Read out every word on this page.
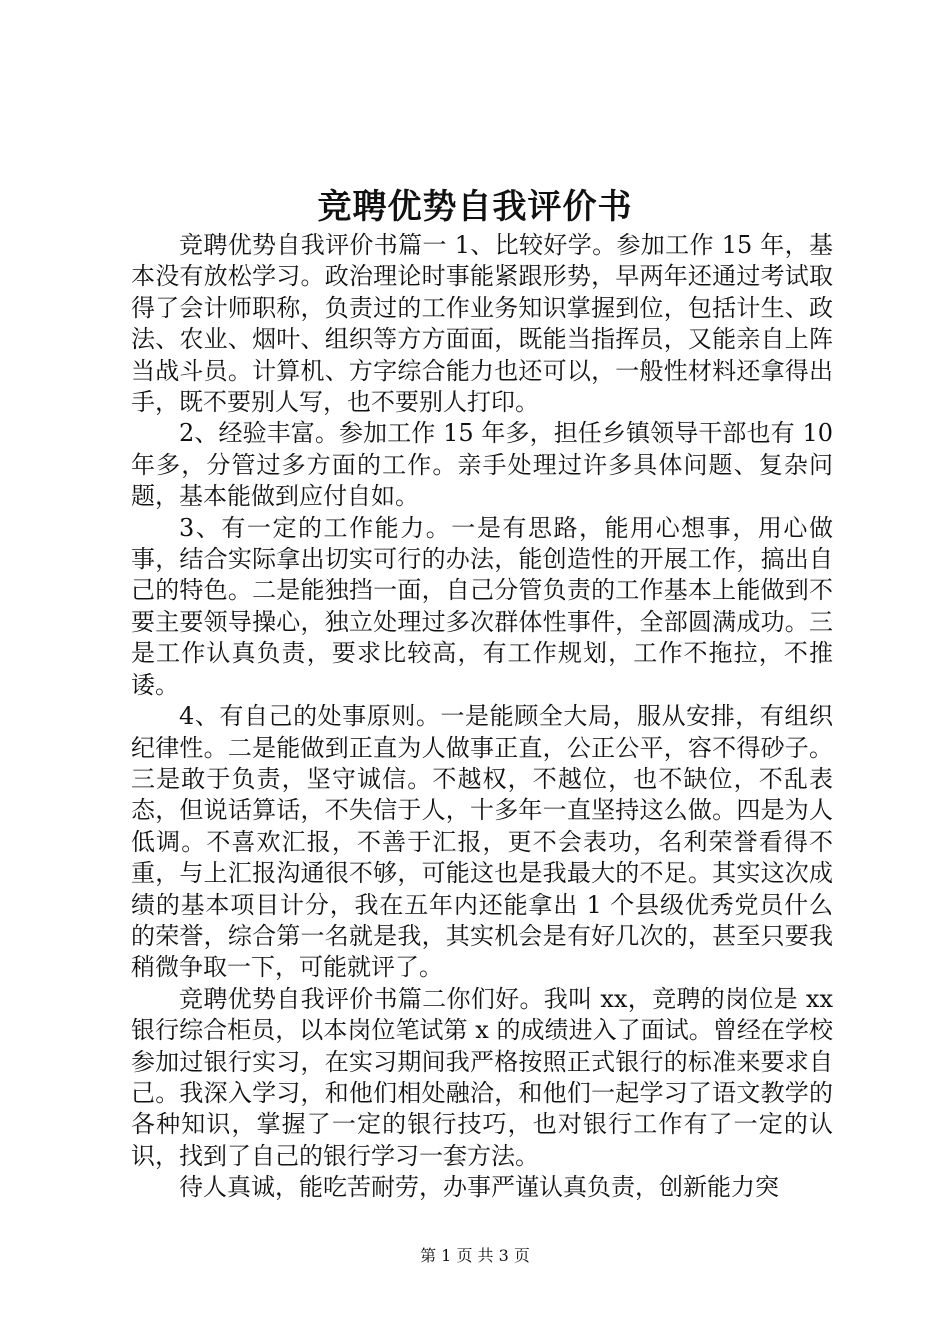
竞聘优势自我评价书

竞聘优势自我评价书篇一 1、比较好学。参加工作 15 年，基本没有放松学习。政治理论时事能紧跟形势，早两年还通过考试取得了会计师职称，负责过的工作业务知识掌握到位，包括计生、政法、农业、烟叶、组织等方方面面，既能当指挥员，又能亲自上阵当战斗员。计算机、方字综合能力也还可以，一般性材料还拿得出手，既不要别人写，也不要别人打印。

2、经验丰富。参加工作 15 年多，担任乡镇领导干部也有 10 年多，分管过多方面的工作。亲手处理过许多具体问题、复杂问题，基本能做到应付自如。

3、有一定的工作能力。一是有思路，能用心想事，用心做事，结合实际拿出切实可行的办法，能创造性的开展工作，搞出自己的特色。二是能独挡一面，自己分管负责的工作基本上能做到不要主要领导操心，独立处理过多次群体性事件，全部圆满成功。三是工作认真负责，要求比较高，有工作规划，工作不拖拉，不推诿。

4、有自己的处事原则。一是能顾全大局，服从安排，有组织纪律性。二是能做到正直为人做事正直，公正公平，容不得砂子。三是敢于负责，坚守诚信。不越权，不越位，也不缺位，不乱表态，但说话算话，不失信于人，十多年一直坚持这么做。四是为人低调。不喜欢汇报，不善于汇报，更不会表功，名利荣誉看得不重，与上汇报沟通很不够，可能这也是我最大的不足。其实这次成绩的基本项目计分，我在五年内还能拿出 1 个县级优秀党员什么的荣誉，综合第一名就是我，其实机会是有好几次的，甚至只要我稍微争取一下，可能就评了。

竞聘优势自我评价书篇二你们好。我叫 xx，竞聘的岗位是 xx 银行综合柜员，以本岗位笔试第 x 的成绩进入了面试。曾经在学校参加过银行实习，在实习期间我严格按照正式银行的标准来要求自己。我深入学习，和他们相处融洽，和他们一起学习了语文教学的各种知识，掌握了一定的银行技巧，也对银行工作有了一定的认识，找到了自己的银行学习一套方法。

待人真诚，能吃苦耐劳，办事严谨认真负责，创新能力突

第 1 页 共 3 页
